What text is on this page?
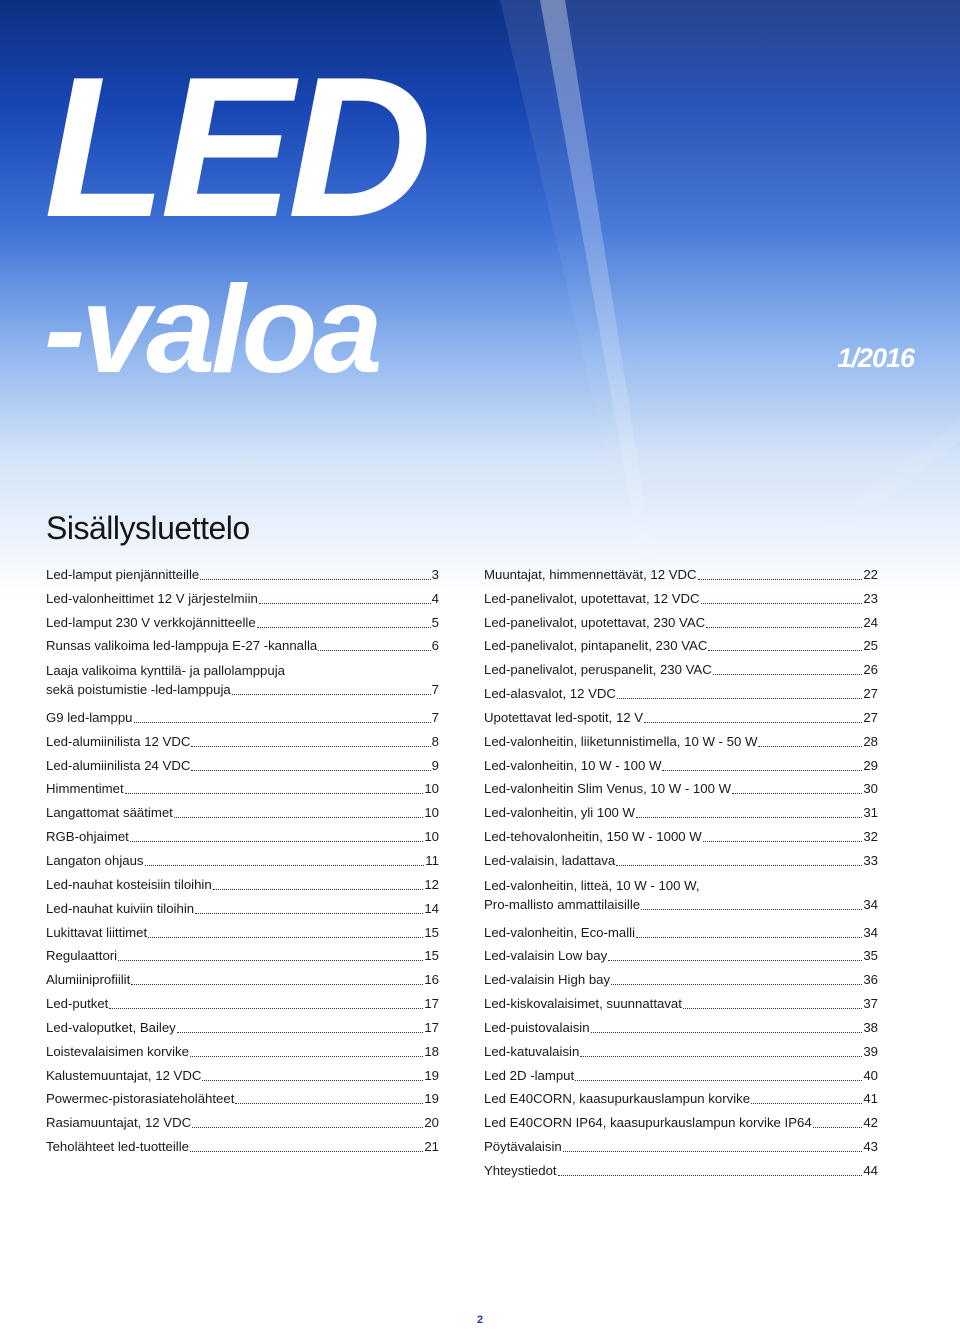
LED
-valoa	1/2016

Sisällysluettelo
Led-lamput pienjännitteille	3
Led-valonheittimet 12 V järjestelmiin	4
Led-lamput 230 V verkkojännitteelle	5
Runsas valikoima led-lamppuja E-27 -kannalla	6
Laaja valikoima kynttilä- ja pallolamppuja
sekä poistumistie -led-lamppuja	7
G9 led-lamppu	7
Led-alumiinilista 12 VDC	8
Led-alumiinilista 24 VDC	9
Himmentimet	10
Langattomat säätimet	10
RGB-ohjaimet	10
Langaton ohjaus	11
Led-nauhat kosteisiin tiloihin	12
Led-nauhat kuiviin tiloihin	14
Lukittavat liittimet	15
Regulaattori	15
Alumiiniprofiilit	16
Led-putket	17
Led-valoputket, Bailey	17
Loistevalaisimen korvike	18
Kalustemuuntajat, 12 VDC	19
Powermec-pistorasiateholähteet	19
Rasiamuuntajat, 12 VDC	20
Teholähteet led-tuotteille	21
Muuntajat, himmennettävät, 12 VDC	22
Led-panelivalot, upotettavat, 12 VDC	23
Led-panelivalot, upotettavat, 230 VAC	24
Led-panelivalot, pintapanelit, 230 VAC	25
Led-panelivalot, peruspanelit, 230 VAC	26
Led-alasvalot, 12 VDC	27
Upotettavat led-spotit, 12 V	27
Led-valonheitin, liiketunnistimella, 10 W - 50 W	28
Led-valonheitin, 10 W - 100 W	29
Led-valonheitin Slim Venus, 10 W - 100 W	30
Led-valonheitin, yli 100 W	31
Led-tehovalonheitin, 150 W - 1000 W	32
Led-valaisin, ladattava	33
Led-valonheitin, litteä, 10 W - 100 W,
Pro-mallisto ammattilaisille	34
Led-valonheitin, Eco-malli	34
Led-valaisin Low bay	35
Led-valaisin High bay	36
Led-kiskovalaisimet, suunnattavat	37
Led-puistovalaisin	38
Led-katuvalaisin	39
Led 2D -lamput	40
Led E40CORN, kaasupurkauslampun korvike	41
Led E40CORN IP64, kaasupurkauslampun korvike IP64	42
Pöytävalaisin	43
Yhteystiedot	44

2
